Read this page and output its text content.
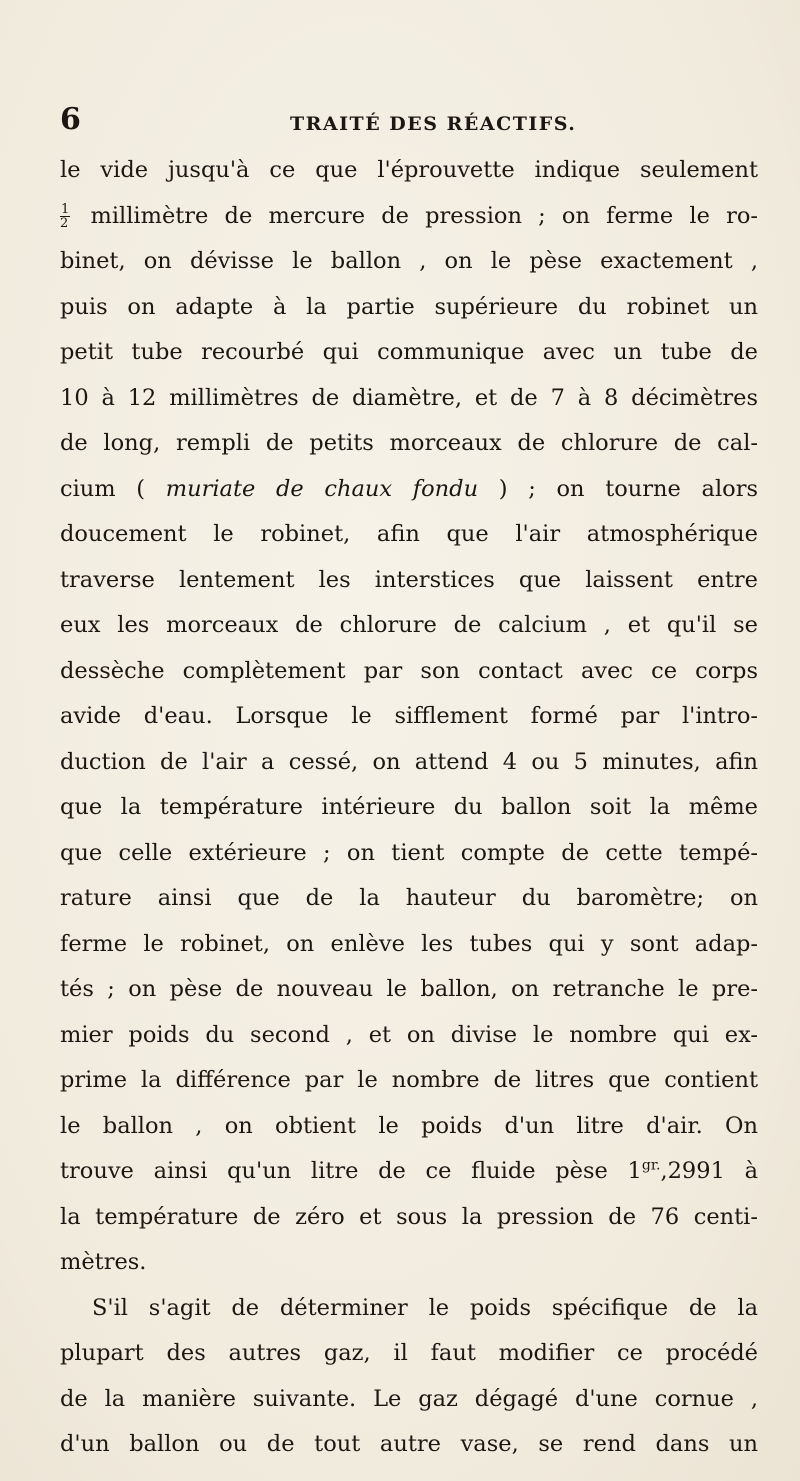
6	TRAITÉ DES RÉACTIFS.
le vide jusqu'à ce que l'éprouvette indique seulement
$\frac{1}{2}$ millimètre de mercure de pression ; on ferme le ro-
binet, on dévisse le ballon , on le pèse exactement ,
puis on adapte à la partie supérieure du robinet un
petit tube recourbé qui communique avec un tube de
10 à 12 millimètres de diamètre, et de 7 à 8 décimètres
de long, rempli de petits morceaux de chlorure de cal-
cium ( muriate de chaux fondu ) ; on tourne alors
doucement le robinet, afin que l'air atmosphérique
traverse lentement les interstices que laissent entre
eux les morceaux de chlorure de calcium , et qu'il se
dessèche complètement par son contact avec ce corps
avide d'eau. Lorsque le sifflement formé par l'intro-
duction de l'air a cessé, on attend 4 ou 5 minutes, afin
que la température intérieure du ballon soit la même
que celle extérieure ; on tient compte de cette tempé-
rature ainsi que de la hauteur du baromètre; on
ferme le robinet, on enlève les tubes qui y sont adap-
tés ; on pèse de nouveau le ballon, on retranche le pre-
mier poids du second , et on divise le nombre qui ex-
prime la différence par le nombre de litres que contient
le ballon , on obtient le poids d'un litre d'air. On
trouve ainsi qu'un litre de ce fluide pèse $1^{gr.},2991$ à
la température de zéro et sous la pression de 76 centi-
mètres.
S'il s'agit de déterminer le poids spécifique de la
plupart des autres gaz, il faut modifier ce procédé
de la manière suivante. Le gaz dégagé d'une cornue ,
d'un ballon ou de tout autre vase, se rend dans un
